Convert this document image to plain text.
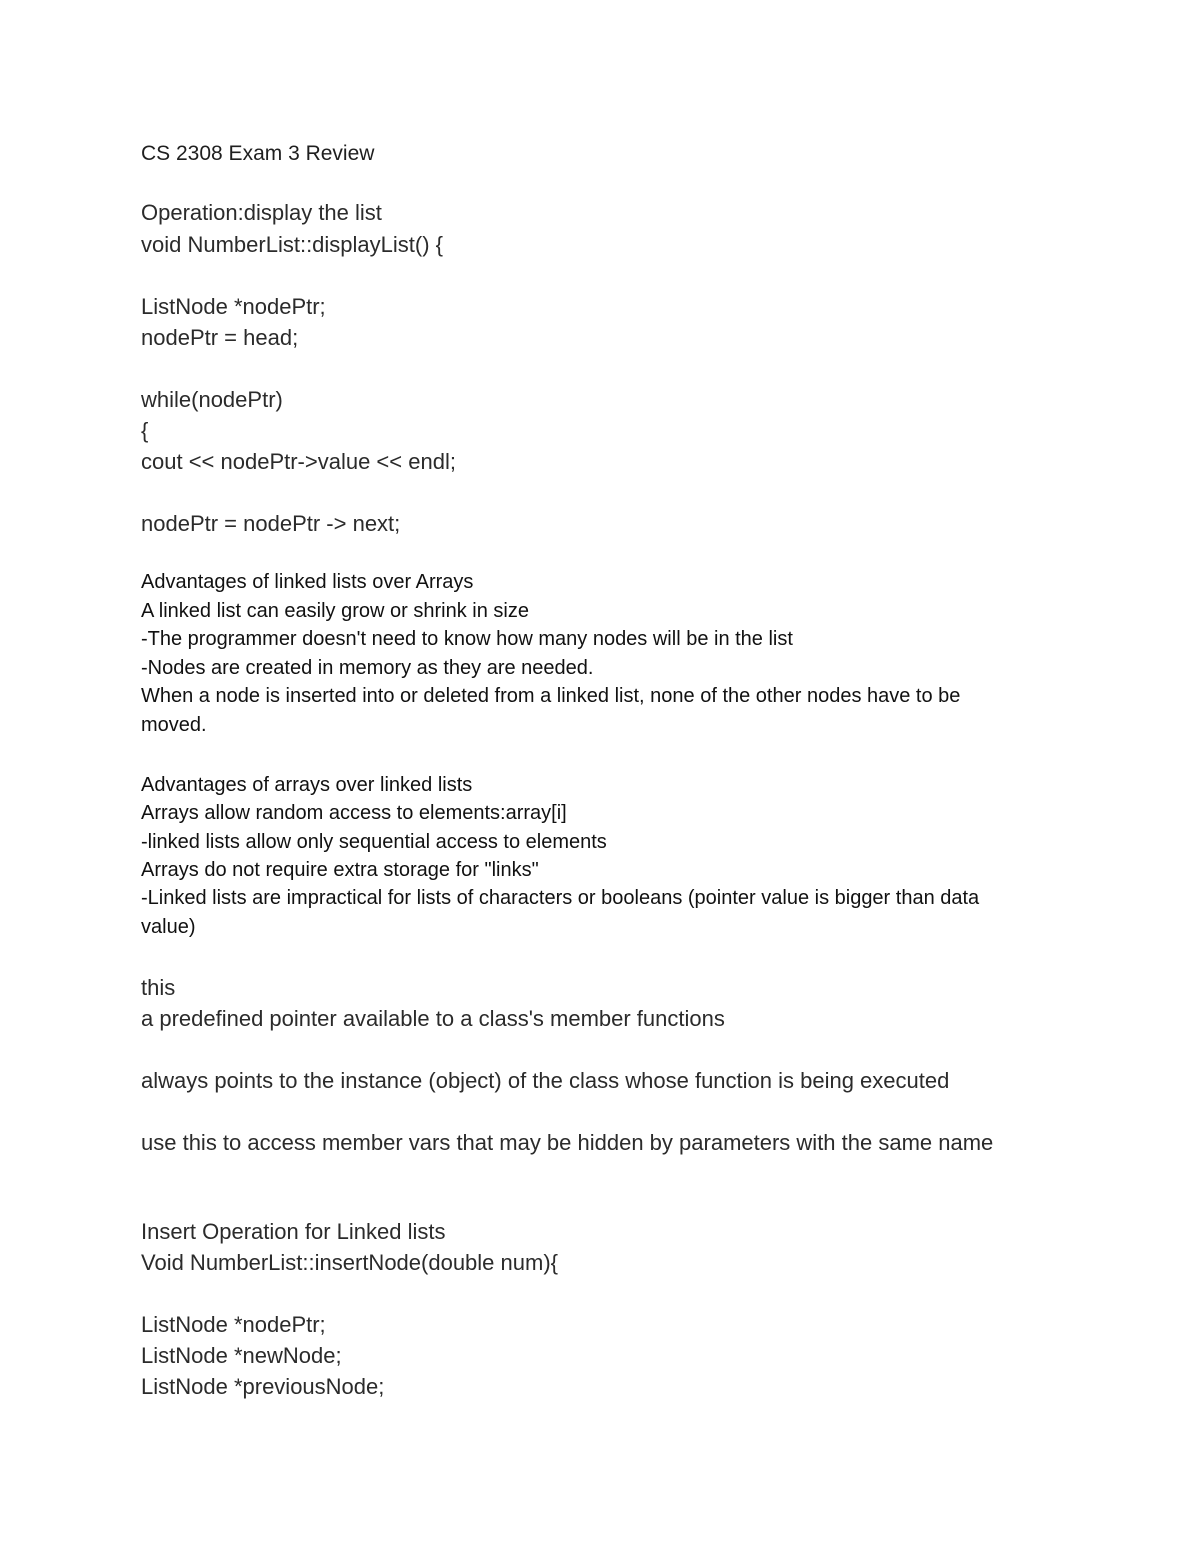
CS 2308 Exam 3 Review
Operation:display the list
void NumberList::displayList() {
ListNode *nodePtr;
nodePtr = head;
while(nodePtr)
{
cout << nodePtr->value << endl;
nodePtr = nodePtr -> next;
Advantages of linked lists over Arrays
A linked list can easily grow or shrink in size
-The programmer doesn't need to know how many nodes will be in the list
-Nodes are created in memory as they are needed.
When a node is inserted into or deleted from a linked list, none of the other nodes have to be
moved.
Advantages of arrays over linked lists
Arrays allow random access to elements:array[i]
-linked lists allow only sequential access to elements
Arrays do not require extra storage for "links"
-Linked lists are impractical for lists of characters or booleans (pointer value is bigger than data
value)
this
a predefined pointer available to a class's member functions
always points to the instance (object) of the class whose function is being executed
use this to access member vars that may be hidden by parameters with the same name
Insert Operation for Linked lists
Void NumberList::insertNode(double num){
ListNode *nodePtr;
ListNode *newNode;
ListNode *previousNode;
